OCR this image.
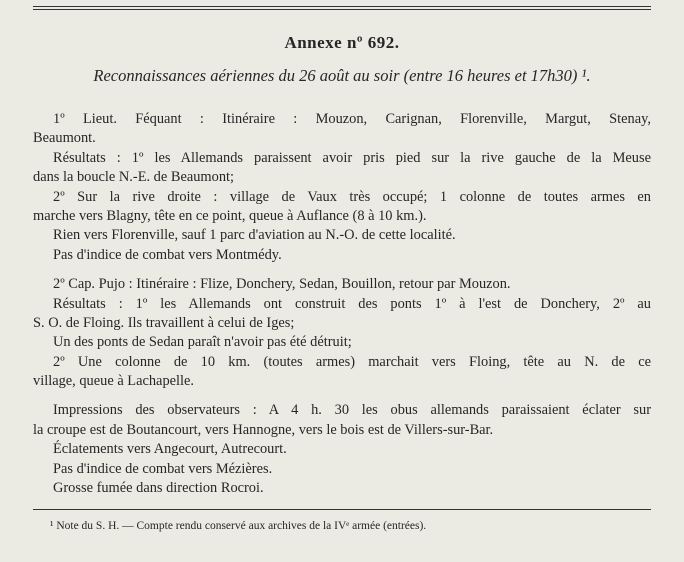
Annexe nº 692.
Reconnaissances aériennes du 26 août au soir (entre 16 heures et 17h30) ¹.
1º Lieut. Féquant : Itinéraire : Mouzon, Carignan, Florenville, Margut, Stenay,
Beaumont.
Résultats : 1º les Allemands paraissent avoir pris pied sur la rive gauche de la Meuse
dans la boucle N.-E. de Beaumont;
2º Sur la rive droite : village de Vaux très occupé; 1 colonne de toutes armes en
marche vers Blagny, tête en ce point, queue à Auflance (8 à 10 km.).
Rien vers Florenville, sauf 1 parc d'aviation au N.-O. de cette localité.
Pas d'indice de combat vers Montmédy.
2º Cap. Pujo : Itinéraire : Flize, Donchery, Sedan, Bouillon, retour par Mouzon.
Résultats : 1º les Allemands ont construit des ponts 1º à l'est de Donchery, 2º au
S. O. de Floing. Ils travaillent à celui de Iges;
Un des ponts de Sedan paraît n'avoir pas été détruit;
2º Une colonne de 10 km. (toutes armes) marchait vers Floing, tête au N. de ce
village, queue à Lachapelle.
Impressions des observateurs : A 4 h. 30 les obus allemands paraissaient éclater sur
la croupe est de Boutancourt, vers Hannogne, vers le bois est de Villers-sur-Bar.
Éclatements vers Angecourt, Autrecourt.
Pas d'indice de combat vers Mézières.
Grosse fumée dans direction Rocroi.
¹ Note du S. H. — Compte rendu conservé aux archives de la IVᵉ armée (entrées).
